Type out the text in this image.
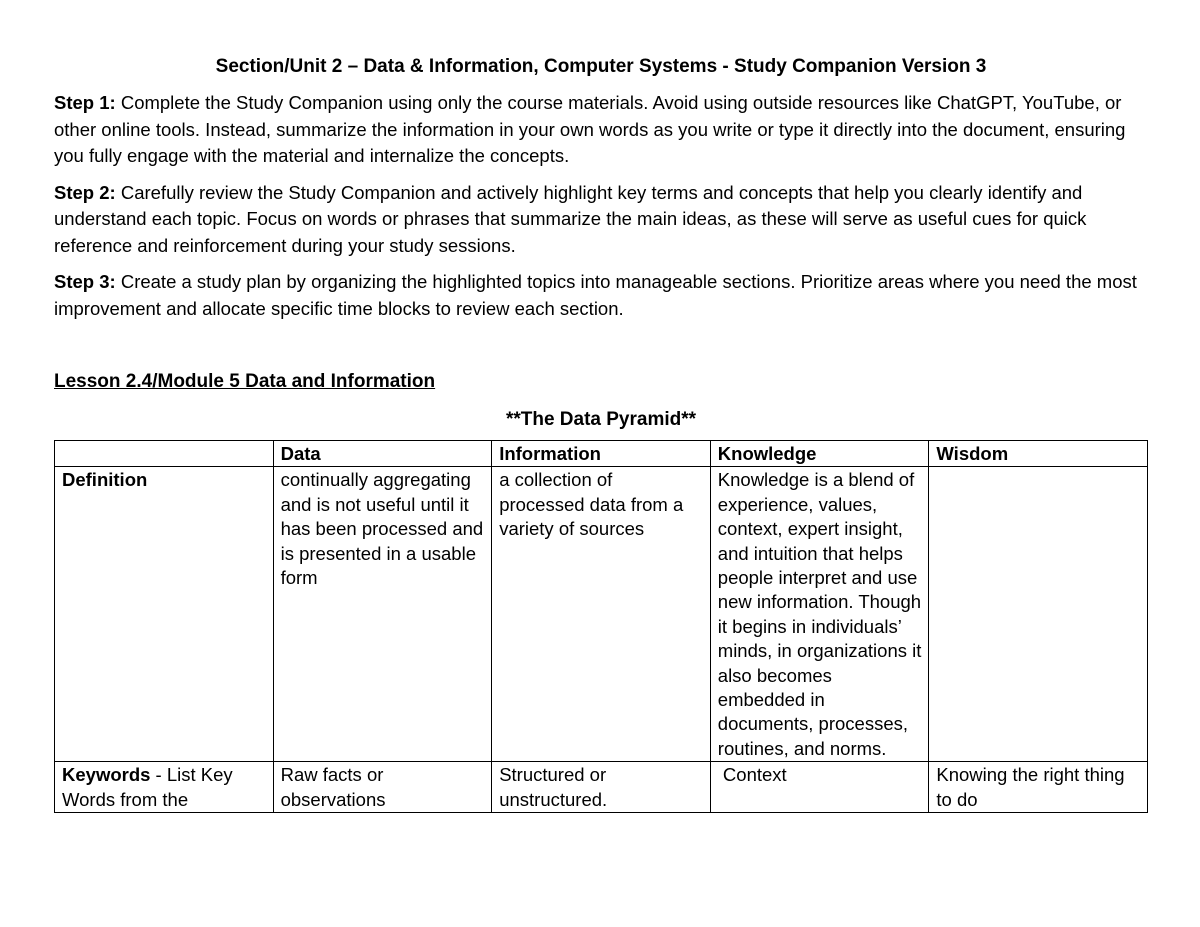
Section/Unit 2 – Data & Information, Computer Systems - Study Companion Version 3

Step 1: Complete the Study Companion using only the course materials. Avoid using outside resources like ChatGPT, YouTube, or other online tools. Instead, summarize the information in your own words as you write or type it directly into the document, ensuring you fully engage with the material and internalize the concepts.

Step 2: Carefully review the Study Companion and actively highlight key terms and concepts that help you clearly identify and understand each topic. Focus on words or phrases that summarize the main ideas, as these will serve as useful cues for quick reference and reinforcement during your study sessions.

Step 3: Create a study plan by organizing the highlighted topics into manageable sections. Prioritize areas where you need the most improvement and allocate specific time blocks to review each section.

Lesson 2.4/Module 5 Data and Information
**The Data Pyramid**
	Data	Information	Knowledge	Wisdom
Definition	continually aggregating and is not useful until it has been processed and is presented in a usable form	a collection of processed data from a variety of sources	Knowledge is a blend of experience, values, context, expert insight, and intuition that helps people interpret and use new information. Though it begins in individuals’ minds, in organizations it also becomes embedded in documents, processes, routines, and norms.	
Keywords - List Key Words from the	Raw facts or observations	Structured or unstructured.	Context	Knowing the right thing to do
